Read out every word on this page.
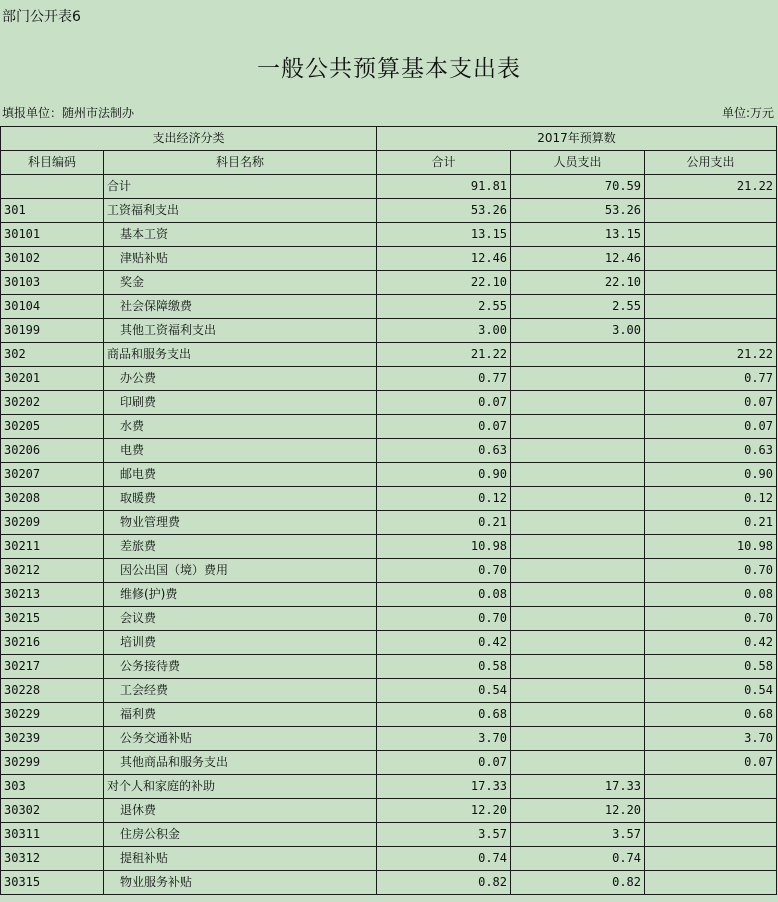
部门公开表6
一般公共预算基本支出表
填报单位：随州市法制办	单位:万元
支出经济分类		2017年预算数		
科目编码	科目名称	合计	人员支出	公用支出
	合计	91.81	70.59	21.22
301	工资福利支出	53.26	53.26	
30101	基本工资	13.15	13.15	
30102	津贴补贴	12.46	12.46	
30103	奖金	22.10	22.10	
30104	社会保障缴费	2.55	2.55	
30199	其他工资福利支出	3.00	3.00	
302	商品和服务支出	21.22		21.22
30201	办公费	0.77		0.77
30202	印刷费	0.07		0.07
30205	水费	0.07		0.07
30206	电费	0.63		0.63
30207	邮电费	0.90		0.90
30208	取暖费	0.12		0.12
30209	物业管理费	0.21		0.21
30211	差旅费	10.98		10.98
30212	因公出国（境）费用	0.70		0.70
30213	维修(护)费	0.08		0.08
30215	会议费	0.70		0.70
30216	培训费	0.42		0.42
30217	公务接待费	0.58		0.58
30228	工会经费	0.54		0.54
30229	福利费	0.68		0.68
30239	公务交通补贴	3.70		3.70
30299	其他商品和服务支出	0.07		0.07
303	对个人和家庭的补助	17.33	17.33	
30302	退休费	12.20	12.20	
30311	住房公积金	3.57	3.57	
30312	提租补贴	0.74	0.74	
30315	物业服务补贴	0.82	0.82	
